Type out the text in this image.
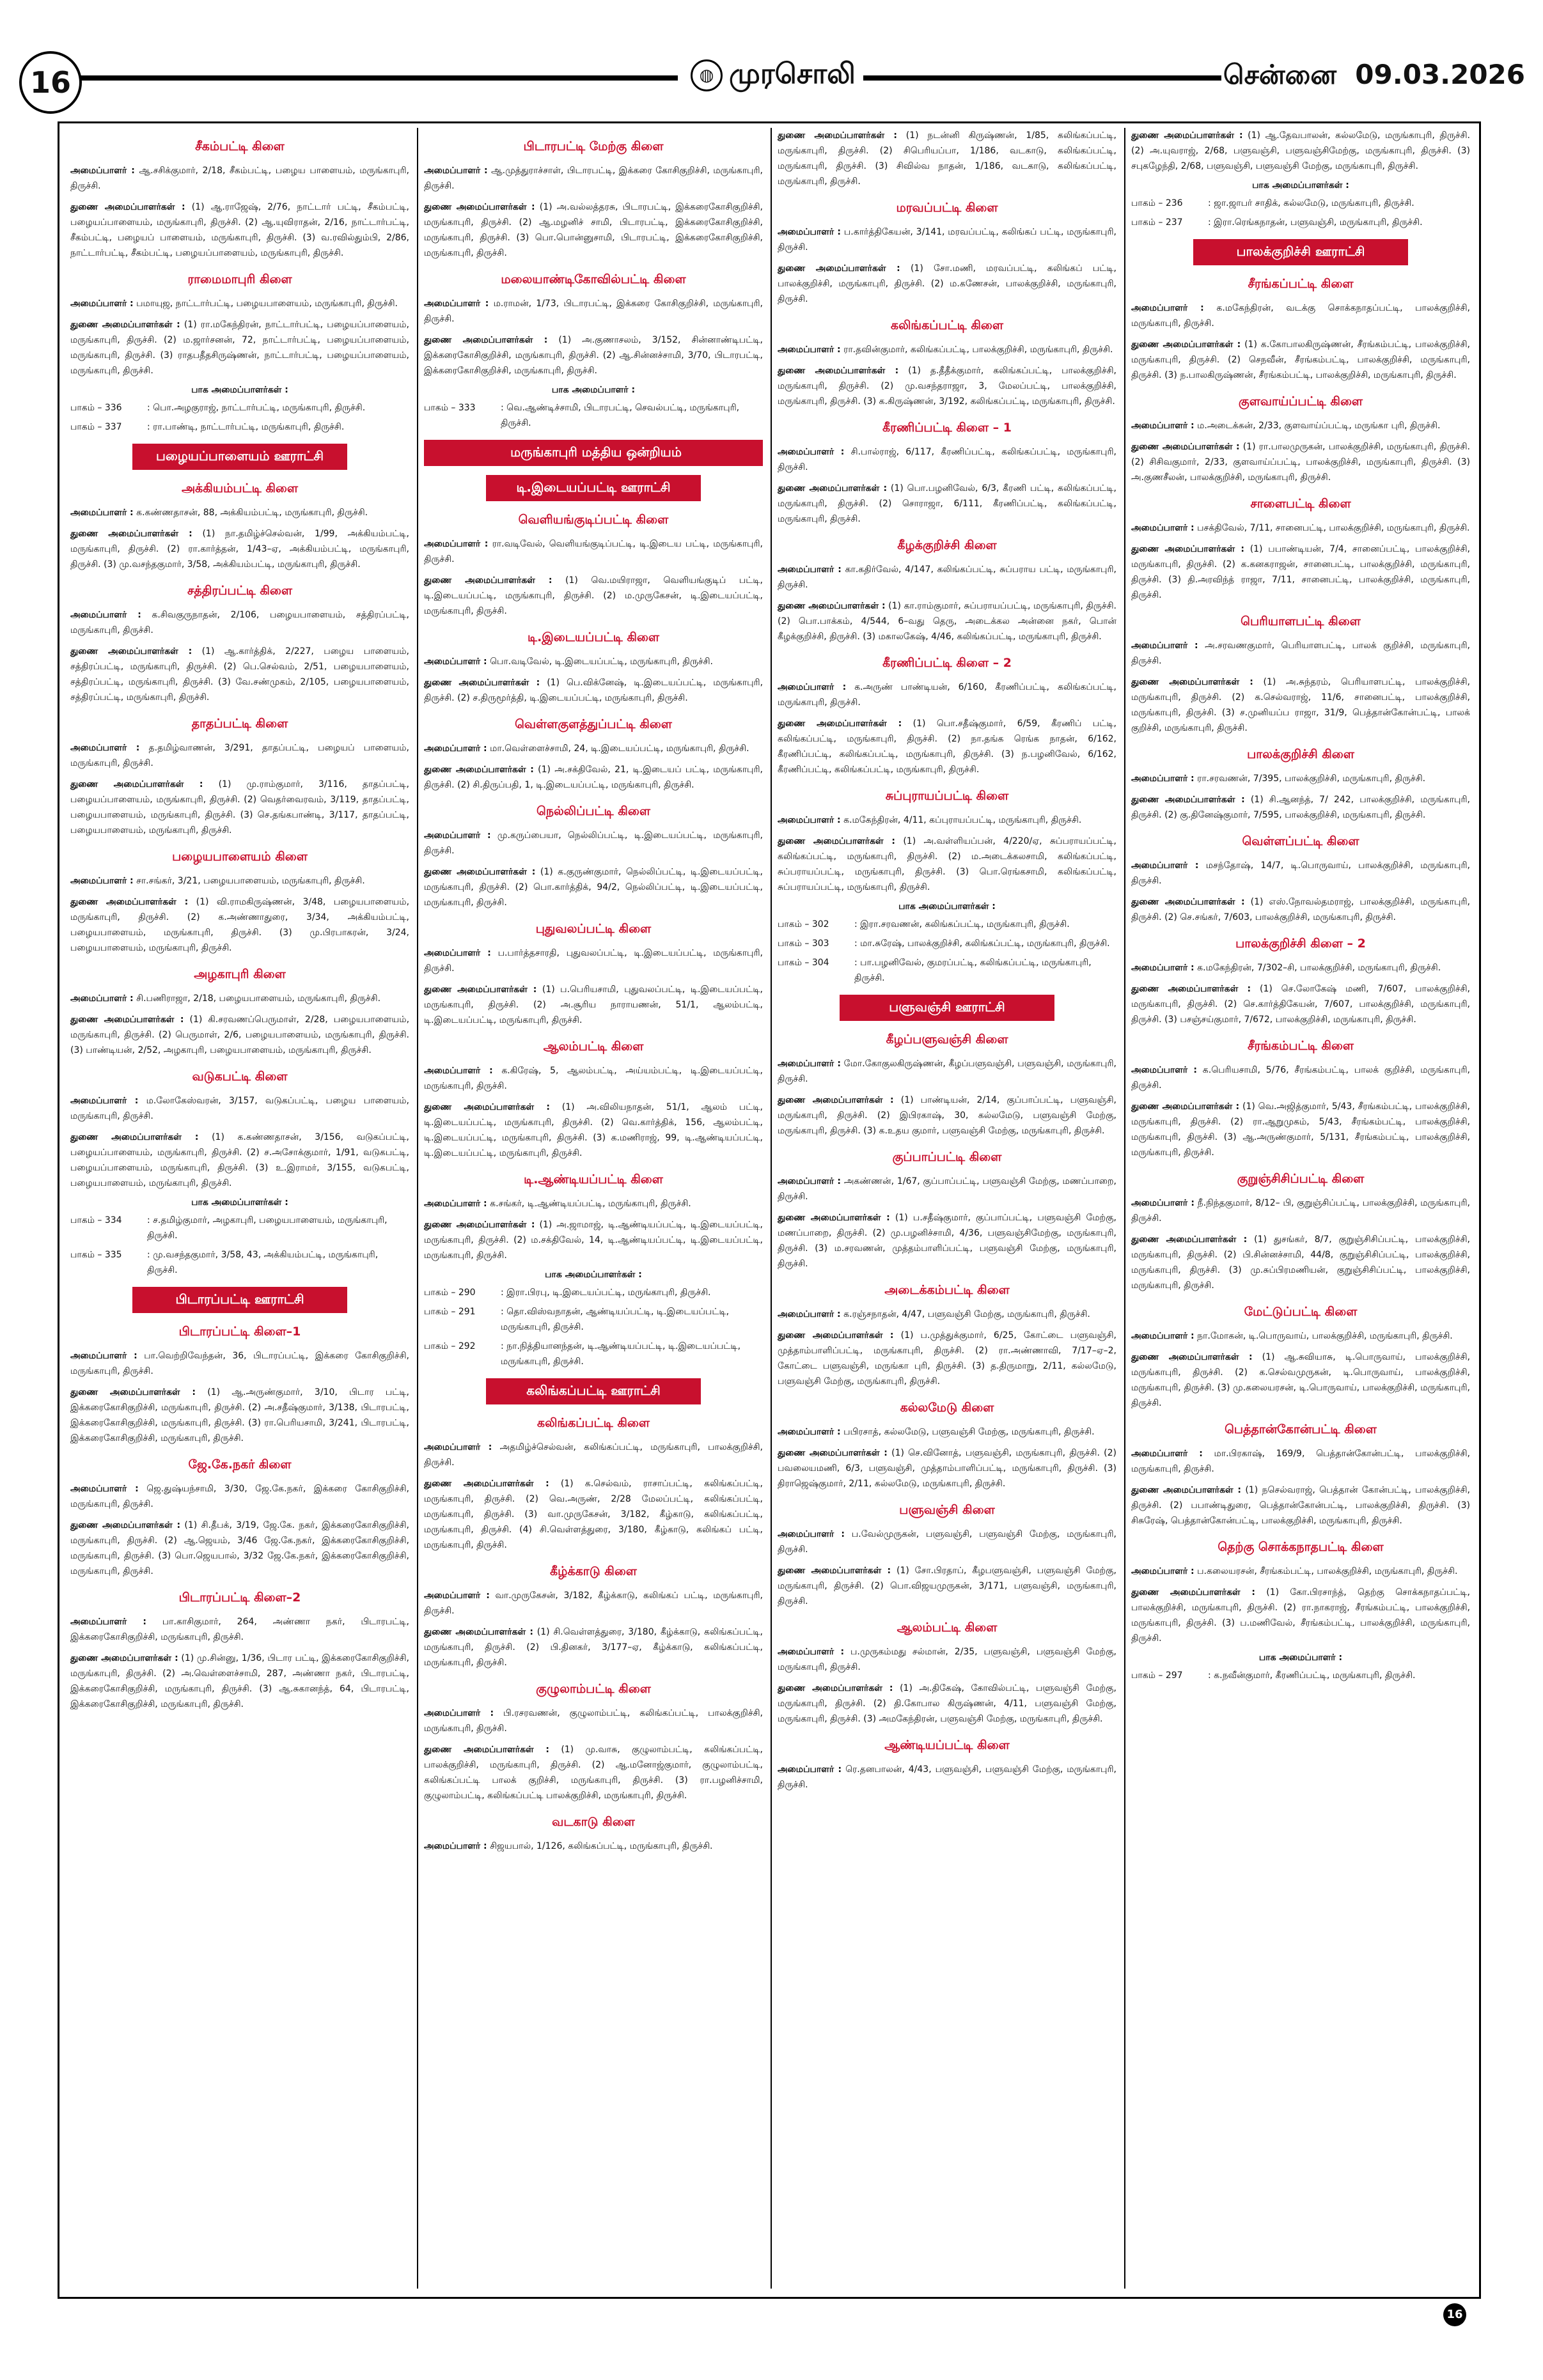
16	◍ முரசொலி	சென்னை 09.03.2026
சீகம்பட்டி கிளை

அமைப்பாளர் : ஆ.சசிக்குமார், 2/18, சீகம்பட்டி, பழைய பாளையம், மருங்காபுரி, திருச்சி.

துணை அமைப்பாளர்கள் : (1) ஆ.ராஜேஷ், 2/76, நாட்டார் பட்டி, சீகம்பட்டி, பழையப்பாளையம், மருங்காபுரி, திருச்சி. (2) ஆ.யுவிராதன், 2/16, நாட்டார்பட்டி, சீகம்பட்டி, பழையப் பாளையம், மருங்காபுரி, திருச்சி. (3) வ.ரவில்தும்பி, 2/86, நாட்டார்பட்டி, சீகம்பட்டி, பழையப்பாளையம், மருங்காபுரி, திருச்சி.

ராமைமாபுரி கிளை

அமைப்பாளர் : பமாயுஜ, நாட்டார்பட்டி, பழையபாளையம், மருங்காபுரி, திருச்சி.

துணை அமைப்பாளர்கள் : (1) ரா.மகேந்திரன், நாட்டார்பட்டி, பழையப்பாளையம், மருங்காபுரி, திருச்சி. (2) ம.ஜார்சனன், 72, நாட்டார்பட்டி, பழையப்பாளையம், மருங்காபுரி, திருச்சி. (3) ராதபதீதசிருஷ்ணன், நாட்டார்பட்டி, பழையப்பாளையம், மருங்காபுரி, திருச்சி.

பாக அமைப்பாளர்கள் :
பாகம் – 336	: பொ.அழகுராஜ், நாட்டார்பட்டி, மருங்காபுரி, திருச்சி.
பாகம் – 337	: ரா.பாண்டி, நாட்டார்பட்டி, மருங்காபுரி, திருச்சி.
பழையப்பாளையம் ஊராட்சி
அக்கியம்பட்டி கிளை

அமைப்பாளர் : க.கண்ணதாசன், 88, அக்கியம்பட்டி, மருங்காபுரி, திருச்சி.

துணை அமைப்பாளர்கள் : (1) நா.தமிழ்ச்செல்வன், 1/99, அக்கியம்பட்டி, மருங்காபுரி, திருச்சி. (2) ரா.கார்த்தன், 1/43–ஏ, அக்கியம்பட்டி, மருங்காபுரி, திருச்சி. (3) மு.வசந்தகுமார், 3/58, அக்கியம்பட்டி, மருங்காபுரி, திருச்சி.

சத்திரப்பட்டி கிளை

அமைப்பாளர் : க.சிவகுருநாதன், 2/106, பழையபாளையம், சத்திரப்பட்டி, மருங்காபுரி, திருச்சி.

துணை அமைப்பாளர்கள் : (1) ஆ.கார்த்திக், 2/227, பழைய பாளையம், சத்திரப்பட்டி, மருங்காபுரி, திருச்சி. (2) பெ.செல்வம், 2/51, பழையபாளையம், சத்திரப்பட்டி, மருங்காபுரி, திருச்சி. (3) வே.சண்முகம், 2/105, பழையபாளையம், சத்திரப்பட்டி, மருங்காபுரி, திருச்சி.

தாதப்பட்டி கிளை

அமைப்பாளர் : த.தமிழ்வாணன், 3/291, தாதப்பட்டி, பழையப் பாளையம், மருங்காபுரி, திருச்சி.

துணை அமைப்பாளர்கள் : (1) மு.ராம்குமார், 3/116, தாதப்பட்டி, பழையப்பாளையம், மருங்காபுரி, திருச்சி. (2) வெதர்வைரவம், 3/119, தாதப்பட்டி, பழையபாளையம், மருங்காபுரி, திருச்சி. (3) செ.தங்கபாண்டி, 3/117, தாதப்பட்டி, பழையபாளையம், மருங்காபுரி, திருச்சி.

பழையபாளையம் கிளை

அமைப்பாளர் : சா.சங்கர், 3/21, பழையபாளையம், மருங்காபுரி, திருச்சி.

துணை அமைப்பாளர்கள் : (1) வி.ராமகிருஷ்ணன், 3/48, பழையபாளையம், மருங்காபுரி, திருச்சி. (2) க.அண்ணாதுரை, 3/34, அக்கியம்பட்டி, பழையபாளையம், மருங்காபுரி, திருச்சி. (3) மு.பிரபாகரன், 3/24, பழையபாளையம், மருங்காபுரி, திருச்சி.

அழகாபுரி கிளை

அமைப்பாளர் : சி.பணிராஜா, 2/18, பழையபாளையம், மருங்காபுரி, திருச்சி.

துணை அமைப்பாளர்கள் : (1) கி.சரவணப்பெருமாள், 2/28, பழையபாளையம், மருங்காபுரி, திருச்சி. (2) பெருமாள், 2/6, பழையபாளையம், மருங்காபுரி, திருச்சி. (3) பாண்டியன், 2/52, அழகாபுரி, பழையபாளையம், மருங்காபுரி, திருச்சி.

வடுகபட்டி கிளை

அமைப்பாளர் : ம.லோகேஸ்வரன், 3/157, வடுகப்பட்டி, பழைய பாளையம், மருங்காபுரி, திருச்சி.

துணை அமைப்பாளர்கள் : (1) க.கண்ணதாசன், 3/156, வடுகப்பட்டி, பழையப்பாளையம், மருங்காபுரி, திருச்சி. (2) ச.அசோக்குமார், 1/91, வடுகபட்டி, பழையப்பாளையம், மருங்காபுரி, திருச்சி. (3) உ.இராமர், 3/155, வடுகபட்டி, பழையபாளையம், மருங்காபுரி, திருச்சி.

பாக அமைப்பாளர்கள் :
பாகம் – 334	: ச.தமிழ்குமார், அழகாபுரி, பழையபாளையம், மருங்காபுரி, திருச்சி.
பாகம் – 335	: மு.வசந்தகுமார், 3/58, 43, அக்கியம்பட்டி, மருங்காபுரி, திருச்சி.
பிடாரப்பட்டி ஊராட்சி
பிடாரப்பட்டி கிளை–1

அமைப்பாளர் : பா.வெற்றிவேந்தன், 36, பிடாரப்பட்டி, இக்கரை கோசிகுறிச்சி, மருங்காபுரி, திருச்சி.

துணை அமைப்பாளர்கள் : (1) ஆ.அருண்குமார், 3/10, பிடார பட்டி, இக்கரைகோசிகுறிச்சி, மருங்காபுரி, திருச்சி. (2) அ.சதீஷ்குமார், 3/138, பிடாரபட்டி, இக்கரைகோசிகுறிச்சி, மருங்காபுரி, திருச்சி. (3) ரா.பெரியசாமி, 3/241, பிடாரபட்டி, இக்கரைகோசிகுறிச்சி, மருங்காபுரி, திருச்சி.

ஜே.கே.நகர் கிளை

அமைப்பாளர் : ஜெ.துஷ்யந்சாமி, 3/30, ஜே.கே.நகர், இக்கரை கோசிகுறிச்சி, மருங்காபுரி, திருச்சி.

துணை அமைப்பாளர்கள் : (1) சி.தீபக், 3/19, ஜே.கே. நகர், இக்கரைகோசிகுறிச்சி, மருங்காபுரி, திருச்சி. (2) ஆ.ஜெயம், 3/46 ஜே.கே.நகர், இக்கரைகோசிகுறிச்சி, மருங்காபுரி, திருச்சி. (3) பொ.ஜெயபால், 3/32 ஜே.கே.நகர், இக்கரைகோசிகுறிச்சி, மருங்காபுரி, திருச்சி.

பிடாரப்பட்டி கிளை–2

அமைப்பாளர் : பா.காசிகுமார், 264, அண்ணா நகர், பிடாரபட்டி, இக்கரைகோசிகுறிச்சி, மருங்காபுரி, திருச்சி.

துணை அமைப்பாளர்கள் : (1) மு.சின்னு, 1/36, பிடார பட்டி, இக்கரைகோசிகுறிச்சி, மருங்காபுரி, திருச்சி. (2) அ.வெள்ளைச்சாமி, 287, அண்ணா நகர், பிடாரபட்டி, இக்கரைகோசிகுறிச்சி, மருங்காபுரி, திருச்சி. (3) ஆ.சுகானந்த், 64, பிடாரபட்டி, இக்கரைகோசிகுறிச்சி, மருங்காபுரி, திருச்சி.

பிடாரபட்டி மேற்கு கிளை

அமைப்பாளர் : ஆ.முத்துராச்சாள், பிடாரபட்டி, இக்கரை கோசிகுறிச்சி, மருங்காபுரி, திருச்சி.

துணை அமைப்பாளர்கள் : (1) அ.வல்லத்தரசு, பிடாரபட்டி, இக்கரைகோசிகுறிச்சி, மருங்காபுரி, திருச்சி. (2) ஆ.மழனிச் சாமி, பிடாரபட்டி, இக்கரைகோசிகுறிச்சி, மருங்காபுரி, திருச்சி. (3) பொ.பொன்னுசாமி, பிடாரபட்டி, இக்கரைகோசிகுறிச்சி, மருங்காபுரி, திருச்சி.

மலையாண்டிகோவில்பட்டி கிளை

அமைப்பாளர் : ம.ராமன், 1/73, பிடாரபட்டி, இக்கரை கோசிகுறிச்சி, மருங்காபுரி, திருச்சி.

துணை அமைப்பாளர்கள் : (1) அ.குணாசலம், 3/152, சின்னாண்டிபட்டி, இக்கரைகோசிகுறிச்சி, மருங்காபுரி, திருச்சி. (2) ஆ.சின்னச்சாமி, 3/70, பிடாரபட்டி, இக்கரைகோசிகுறிச்சி, மருங்காபுரி, திருச்சி.

பாக அமைப்பாளர் :
பாகம் – 333	: வெ.ஆண்டிச்சாமி, பிடாரபட்டி, செவல்பட்டி, மருங்காபுரி, திருச்சி.
மருங்காபுரி மத்திய ஒன்றியம்
டி.இடையப்பட்டி ஊராட்சி
வெளியங்குடிப்பட்டி கிளை

அமைப்பாளர் : ரா.வடிவேல், வெளியங்குடிப்பட்டி, டி.இடைய பட்டி, மருங்காபுரி, திருச்சி.

துணை அமைப்பாளர்கள் : (1) வெ.மயிராஜா, வெளியங்குடிப் பட்டி, டி.இடையப்பட்டி, மருங்காபுரி, திருச்சி. (2) ம.முருகேசன், டி.இடையப்பட்டி, மருங்காபுரி, திருச்சி.

டி.இடையப்பட்டி கிளை

அமைப்பாளர் : பொ.வடிவேல், டி.இடையப்பட்டி, மருங்காபுரி, திருச்சி.

துணை அமைப்பாளர்கள் : (1) பெ.விக்னேஷ், டி.இடையப்பட்டி, மருங்காபுரி, திருச்சி. (2) ச.திருமூர்த்தி, டி.இடையப்பட்டி, மருங்காபுரி, திருச்சி.

வெள்ளகுளத்துப்பட்டி கிளை

அமைப்பாளர் : மா.வெள்ளைச்சாமி, 24, டி.இடையப்பட்டி, மருங்காபுரி, திருச்சி.

துணை அமைப்பாளர்கள் : (1) அ.சக்திவேல், 21, டி.இடையப் பட்டி, மருங்காபுரி, திருச்சி. (2) சி.திருப்பதி, 1, டி.இடையப்பட்டி, மருங்காபுரி, திருச்சி.

நெல்லிப்பட்டி கிளை

அமைப்பாளர் : மு.கருப்பையா, நெல்லிப்பட்டி, டி.இடையப்பட்டி, மருங்காபுரி, திருச்சி.

துணை அமைப்பாளர்கள் : (1) க.குருண்குமார், நெல்லிப்பட்டி, டி.இடையப்பட்டி, மருங்காபுரி, திருச்சி. (2) பொ.கார்த்திக், 94/2, நெல்லிப்பட்டி, டி.இடையப்பட்டி, மருங்காபுரி, திருச்சி.

புதுவலப்பட்டி கிளை

அமைப்பாளர் : ப.பார்த்தசாரதி, புதுவலப்பட்டி, டி.இடையப்பட்டி, மருங்காபுரி, திருச்சி.

துணை அமைப்பாளர்கள் : (1) ப.பெரியசாமி, புதுவலப்பட்டி, டி.இடையப்பட்டி, மருங்காபுரி, திருச்சி. (2) அ.சூரிய நாராயணன், 51/1, ஆலம்பட்டி, டி.இடையப்பட்டி, மருங்காபுரி, திருச்சி.

ஆலம்பட்டி கிளை

அமைப்பாளர் : க.கிரேஷ், 5, ஆலம்பட்டி, அய்யம்பட்டி, டி.இடையப்பட்டி, மருங்காபுரி, திருச்சி.

துணை அமைப்பாளர்கள் : (1) அ.விலியநாதன், 51/1, ஆலம் பட்டி, டி.இடையப்பட்டி, மருங்காபுரி, திருச்சி. (2) வெ.கார்த்திக், 156, ஆலம்பட்டி, டி.இடையப்பட்டி, மருங்காபுரி, திருச்சி. (3) க.மணிராஜ், 99, டி.ஆண்டியப்பட்டி, டி.இடையப்பட்டி, மருங்காபுரி, திருச்சி.

டி.ஆண்டியப்பட்டி கிளை

அமைப்பாளர் : க.சங்கர், டி.ஆண்டியப்பட்டி, மருங்காபுரி, திருச்சி.

துணை அமைப்பாளர்கள் : (1) அ.ஜாமாஜ், டி.ஆண்டியப்பட்டி, டி.இடையப்பட்டி, மருங்காபுரி, திருச்சி. (2) ம.சக்திவேல், 14, டி.ஆண்டியப்பட்டி, டி.இடையப்பட்டி, மருங்காபுரி, திருச்சி.

பாக அமைப்பாளர்கள் :
பாகம் – 290	: இரா.பிரபு, டி.இடையப்பட்டி, மருங்காபுரி, திருச்சி.
பாகம் – 291	: தொ.விஸ்வநாதன், ஆண்டியப்பட்டி, டி.இடையப்பட்டி, மருங்காபுரி, திருச்சி.
பாகம் – 292	: நா.நித்தியானந்தன், டி.ஆண்டியப்பட்டி, டி.இடையப்பட்டி, மருங்காபுரி, திருச்சி.
கலிங்கப்பட்டி ஊராட்சி
கலிங்கப்பட்டி கிளை

அமைப்பாளர் : அதமிழ்ச்செல்வன், கலிங்கப்பட்டி, மருங்காபுரி, பாலக்குறிச்சி, திருச்சி.

துணை அமைப்பாளர்கள் : (1) க.செல்வம், ராசாப்பட்டி, கலிங்கப்பட்டி, மருங்காபுரி, திருச்சி. (2) வெ.அருண், 2/28 மேலப்பட்டி, கலிங்கப்பட்டி, மருங்காபுரி, திருச்சி. (3) வா.முருகேசன், 3/182, கீழ்காடு, கலிங்கப்பட்டி, மருங்காபுரி, திருச்சி. (4) சி.வெள்ளத்துரை, 3/180, கீழ்காடு, கலிங்கப் பட்டி, மருங்காபுரி, திருச்சி.

கீழ்க்காடு கிளை

அமைப்பாளர் : வா.முருகேசன், 3/182, கீழ்க்காடு, கலிங்கப் பட்டி, மருங்காபுரி, திருச்சி.

துணை அமைப்பாளர்கள் : (1) சி.வெள்ளத்துரை, 3/180, கீழ்க்காடு, கலிங்கப்பட்டி, மருங்காபுரி, திருச்சி. (2) பி.தினகர், 3/177–ஏ, கீழ்க்காடு, கலிங்கப்பட்டி, மருங்காபுரி, திருச்சி.

குழுலாம்பட்டி கிளை

அமைப்பாளர் : பி.ரசரவணன், குழுலாம்பட்டி, கலிங்கப்பட்டி, பாலக்குறிச்சி, மருங்காபுரி, திருச்சி.

துணை அமைப்பாளர்கள் : (1) மு.வாசு, குழுலாம்பட்டி, கலிங்கப்பட்டி, பாலக்குறிச்சி, மருங்காபுரி, திருச்சி. (2) ஆ.மனோஜ்குமார், குழுலாம்பட்டி, கலிங்கப்பட்டி பாலக் குறிச்சி, மருங்காபுரி, திருச்சி. (3) ரா.பழனிச்சாமி, குழுலாம்பட்டி, கலிங்கப்பட்டி பாலக்குறிச்சி, மருங்காபுரி, திருச்சி.

வடகாடு கிளை

அமைப்பாளர் : சிஜயபால், 1/126, கலிங்கப்பட்டி, மருங்காபுரி, திருச்சி.

துணை அமைப்பாளர்கள் : (1) நடன்னி கிருஷ்ணன், 1/85, கலிங்கப்பட்டி, மருங்காபுரி, திருச்சி. (2) சிபெரியப்பா, 1/186, வடகாடு, கலிங்கப்பட்டி, மருங்காபுரி, திருச்சி. (3) சிவில்வ நாதன், 1/186, வடகாடு, கலிங்கப்பட்டி, மருங்காபுரி, திருச்சி.

மரவப்பட்டி கிளை

அமைப்பாளர் : ப.கார்த்திகேயன், 3/141, மரவப்பட்டி, கலிங்கப் பட்டி, மருங்காபுரி, திருச்சி.

துணை அமைப்பாளர்கள் : (1) சோ.மணி, மரவப்பட்டி, கலிங்கப் பட்டி, பாலக்குறிச்சி, மருங்காபுரி, திருச்சி. (2) ம.கணேசன், பாலக்குறிச்சி, மருங்காபுரி, திருச்சி.

கலிங்கப்பட்டி கிளை

அமைப்பாளர் : ரா.தவின்குமார், கலிங்கப்பட்டி, பாலக்குறிச்சி, மருங்காபுரி, திருச்சி.

துணை அமைப்பாளர்கள் : (1) த.தீதீக்குமார், கலிங்கப்பட்டி, பாலக்குறிச்சி, மருங்காபுரி, திருச்சி. (2) மு.வசந்தராஜா, 3, மேலப்பட்டி, பாலக்குறிச்சி, மருங்காபுரி, திருச்சி. (3) க.கிருஷ்ணன், 3/192, கலிங்கப்பட்டி, மருங்காபுரி, திருச்சி.

கீரணிப்பட்டி கிளை – 1

அமைப்பாளர் : சி.பால்ராஜ், 6/117, கீரணிப்பட்டி, கலிங்கப்பட்டி, மருங்காபுரி, திருச்சி.

துணை அமைப்பாளர்கள் : (1) பொ.பழனிவேல், 6/3, கீரணி பட்டி, கலிங்கப்பட்டி, மருங்காபுரி, திருச்சி. (2) சொராஜா, 6/111, கீரணிப்பட்டி, கலிங்கப்பட்டி, மருங்காபுரி, திருச்சி.

கீழக்குறிச்சி கிளை

அமைப்பாளர் : கா.கதிர்வேல், 4/147, கலிங்கப்பட்டி, சுப்பராய பட்டி, மருங்காபுரி, திருச்சி.

துணை அமைப்பாளர்கள் : (1) கா.ராம்குமார், சுப்பராயப்பட்டி, மருங்காபுரி, திருச்சி. (2) பொ.பாக்கம், 4/544, 6–வது தெரு, அடைக்கல அன்னை நகர், பொன் கீழக்குறிச்சி, திருச்சி. (3) மகாலகேஷ், 4/46, கலிங்கப்பட்டி, மருங்காபுரி, திருச்சி.

கீரணிப்பட்டி கிளை – 2

அமைப்பாளர் : க.அருண் பாண்டியன், 6/160, கீரணிப்பட்டி, கலிங்கப்பட்டி, மருங்காபுரி, திருச்சி.

துணை அமைப்பாளர்கள் : (1) பொ.சதீஷ்குமார், 6/59, கீரணிப் பட்டி, கலிங்கப்பட்டி, மருங்காபுரி, திருச்சி. (2) நா.தங்க ரெங்க நாதன், 6/162, கீரணிப்பட்டி, கலிங்கப்பட்டி, மருங்காபுரி, திருச்சி. (3) ந.பழனிவேல், 6/162, கீரணிப்பட்டி, கலிங்கப்பட்டி, மருங்காபுரி, திருச்சி.

சுப்புராயப்பட்டி கிளை

அமைப்பாளர் : க.மகேந்திரன், 4/11, கப்புராயப்பட்டி, மருங்காபுரி, திருச்சி.

துணை அமைப்பாளர்கள் : (1) அ.வள்ளியப்பன், 4/220/ஏ, சுப்பராயப்பட்டி, கலிங்கப்பட்டி, மருங்காபுரி, திருச்சி. (2) ம.அடைக்கலசாமி, கலிங்கப்பட்டி, சுப்பராயப்பட்டி, மருங்காபுரி, திருச்சி. (3) பொ.ரெங்கசாமி, கலிங்கப்பட்டி, சுப்பராயப்பட்டி, மருங்காபுரி, திருச்சி.

பாக அமைப்பாளர்கள் :
பாகம் – 302	: இரா.சரவணன், கலிங்கப்பட்டி, மருங்காபுரி, திருச்சி.
பாகம் – 303	: மா.சுரேஷ், பாலக்குறிச்சி, கலிங்கப்பட்டி, மருங்காபுரி, திருச்சி.
பாகம் – 304	: பா.பழனிவேல், குமரப்பட்டி, கலிங்கப்பட்டி, மருங்காபுரி, திருச்சி.
பளுவஞ்சி ஊராட்சி
கீழப்பளுவஞ்சி கிளை

அமைப்பாளர் : மோ.கோகுலகிருஷ்ணன், கீழப்பளுவஞ்சி, பளுவஞ்சி, மருங்காபுரி, திருச்சி.

துணை அமைப்பாளர்கள் : (1) பாண்டியன், 2/14, குப்பாப்பட்டி, பளுவஞ்சி, மருங்காபுரி, திருச்சி. (2) இபிரகாஷ், 30, கல்லமேடு, பளுவஞ்சி மேற்கு, மருங்காபுரி, திருச்சி. (3) க.உதய குமார், பளுவஞ்சி மேற்கு, மருங்காபுரி, திருச்சி.

குப்பாப்பட்டி கிளை

அமைப்பாளர் : அகண்ணன், 1/67, குப்பாப்பட்டி, பளுவஞ்சி மேற்கு, மணப்பாறை, திருச்சி.

துணை அமைப்பாளர்கள் : (1) ப.சதீஷ்குமார், குப்பாப்பட்டி, பளுவஞ்சி மேற்கு, மணப்பாறை, திருச்சி. (2) மு.பழனிச்சாமி, 4/36, பளுவஞ்சிமேற்கு, மருங்காபுரி, திருச்சி. (3) ம.சரவணன், முத்தம்பாளிப்பட்டி, பளுவஞ்சி மேற்கு, மருங்காபுரி, திருச்சி.

அடைக்கம்பட்டி கிளை

அமைப்பாளர் : க.ரஞ்சநாதன், 4/47, பளுவஞ்சி மேற்கு, மருங்காபுரி, திருச்சி.

துணை அமைப்பாளர்கள் : (1) ப.முத்துக்குமார், 6/25, கோட்டை பளுவஞ்சி, முத்தாம்பாளிப்பட்டி, மருங்காபுரி, திருச்சி. (2) ரா.அண்ணாவி, 7/17–ஏ–2, கோட்டை பளுவஞ்சி, மருங்கா புரி, திருச்சி. (3) த.திருமாறு, 2/11, கல்லமேடு, பளுவஞ்சி மேற்கு, மருங்காபுரி, திருச்சி.

கல்லமேடு கிளை

அமைப்பாளர் : பபிரசாத், கல்லமேடு, பளுவஞ்சி மேற்கு, மருங்காபுரி, திருச்சி.

துணை அமைப்பாளர்கள் : (1) செ.வினோத், பளுவஞ்சி, மருங்காபுரி, திருச்சி. (2) பவலையமணி, 6/3, பளுவஞ்சி, முத்தாம்பாளிப்பட்டி, மருங்காபுரி, திருச்சி. (3) திராஜெஷ்குமார், 2/11, கல்லமேடு, மருங்காபுரி, திருச்சி.

பளுவஞ்சி கிளை

அமைப்பாளர் : ப.வேல்முருகன், பளுவஞ்சி, பளுவஞ்சி மேற்கு, மருங்காபுரி, திருச்சி.

துணை அமைப்பாளர்கள் : (1) சோ.பிரதாப், கீழபளுவஞ்சி, பளுவஞ்சி மேற்கு, மருங்காபுரி, திருச்சி. (2) பொ.விஜயமுருகன், 3/171, பளுவஞ்சி, மருங்காபுரி, திருச்சி.

ஆலம்பட்டி கிளை

அமைப்பாளர் : ப.முருகம்மது சல்மான், 2/35, பளுவஞ்சி, பளுவஞ்சி மேற்கு, மருங்காபுரி, திருச்சி.

துணை அமைப்பாளர்கள் : (1) அ.திகேஷ், கோவில்பட்டி, பளுவஞ்சி மேற்கு, மருங்காபுரி, திருச்சி. (2) தி.கோபால கிருஷ்ணன், 4/11, பளுவஞ்சி மேற்கு, மருங்காபுரி, திருச்சி. (3) அமகேந்திரன், பளுவஞ்சி மேற்கு, மருங்காபுரி, திருச்சி.

ஆண்டியப்பட்டி கிளை

அமைப்பாளர் : ரெ.தனபாலன், 4/43, பளுவஞ்சி, பளுவஞ்சி மேற்கு, மருங்காபுரி, திருச்சி.

துணை அமைப்பாளர்கள் : (1) ஆ.தேவபாலன், கல்லமேடு, மருங்காபுரி, திருச்சி. (2) அ.யுவராஜ், 2/68, பளுவஞ்சி, பளுவஞ்சிமேற்கு, மருங்காபுரி, திருச்சி. (3) சபுகழேந்தி, 2/68, பளுவஞ்சி, பளுவஞ்சி மேற்கு, மருங்காபுரி, திருச்சி.

பாக அமைப்பாளர்கள் :
பாகம் – 236	: ஜா.ஜாபர் சாதிக், கல்லமேடு, மருங்காபுரி, திருச்சி.
பாகம் – 237	: இரா.ரெங்கநாதன், பளுவஞ்சி, மருங்காபுரி, திருச்சி.
பாலக்குறிச்சி ஊராட்சி
சீரங்கப்பட்டி கிளை

அமைப்பாளர் : க.மகேந்திரன், வடக்கு சொக்கநாதப்பட்டி, பாலக்குறிச்சி, மருங்காபுரி, திருச்சி.

துணை அமைப்பாளர்கள் : (1) க.கோபாலகிருஷ்ணன், சீரங்கம்பட்டி, பாலக்குறிச்சி, மருங்காபுரி, திருச்சி. (2) செநவீன், சீரங்கம்பட்டி, பாலக்குறிச்சி, மருங்காபுரி, திருச்சி. (3) ந.பாலகிருஷ்ணன், சீரங்கம்பட்டி, பாலக்குறிச்சி, மருங்காபுரி, திருச்சி.

குளவாய்ப்பட்டி கிளை

அமைப்பாளர் : ம.அடைக்கன், 2/33, குளவாய்ப்பட்டி, மருங்கா புரி, திருச்சி.

துணை அமைப்பாளர்கள் : (1) ரா.பாலமுருகன், பாலக்குறிச்சி, மருங்காபுரி, திருச்சி. (2) சிசிவகுமார், 2/33, குளவாய்ப்பட்டி, பாலக்குறிச்சி, மருங்காபுரி, திருச்சி. (3) அ.குணசீலன், பாலக்குறிச்சி, மருங்காபுரி, திருச்சி.

சாளைபட்டி கிளை

அமைப்பாளர் : பசக்திவேல், 7/11, சானைபட்டி, பாலக்குறிச்சி, மருங்காபுரி, திருச்சி.

துணை அமைப்பாளர்கள் : (1) பபாண்டியன், 7/4, சானைப்பட்டி, பாலக்குறிச்சி, மருங்காபுரி, திருச்சி. (2) க.கனகராஜன், சானைபட்டி, பாலக்குறிச்சி, மருங்காபுரி, திருச்சி. (3) தி.அரவிந்த் ராஜா, 7/11, சானைபட்டி, பாலக்குறிச்சி, மருங்காபுரி, திருச்சி.

பெரியாளபட்டி கிளை

அமைப்பாளர் : அ.சரவணகுமார், பெரியாளபட்டி, பாலக் குறிச்சி, மருங்காபுரி, திருச்சி.

துணை அமைப்பாளர்கள் : (1) அ.சுந்தரம், பெரியாளபட்டி, பாலக்குறிச்சி, மருங்காபுரி, திருச்சி. (2) க.செல்வராஜ், 11/6, சானைபட்டி, பாலக்குறிச்சி, மருங்காபுரி, திருச்சி. (3) ச.முனியப்ப ராஜா, 31/9, பெத்தான்கோன்பட்டி, பாலக் குறிச்சி, மருங்காபுரி, திருச்சி.

பாலக்குறிச்சி கிளை

அமைப்பாளர் : ரா.சரவணன், 7/395, பாலக்குறிச்சி, மருங்காபுரி, திருச்சி.

துணை அமைப்பாளர்கள் : (1) சி.ஆனந்த், 7/ 242, பாலக்குறிச்சி, மருங்காபுரி, திருச்சி. (2) கு.தினேஷ்குமார், 7/595, பாலக்குறிச்சி, மருங்காபுரி, திருச்சி.

வெள்ளப்பட்டி கிளை

அமைப்பாளர் : மசந்தோஷ், 14/7, டி.பொருவாய், பாலக்குறிச்சி, மருங்காபுரி, திருச்சி.

துணை அமைப்பாளர்கள் : (1) எஸ்.நோவல்தமராஜ், பாலக்குறிச்சி, மருங்காபுரி, திருச்சி. (2) செ.சங்கர், 7/603, பாலக்குறிச்சி, மருங்காபுரி, திருச்சி.

பாலக்குறிச்சி கிளை – 2

அமைப்பாளர் : க.மகேந்திரன், 7/302–சி, பாலக்குறிச்சி, மருங்காபுரி, திருச்சி.

துணை அமைப்பாளர்கள் : (1) செ.லோகேஷ் மணி, 7/607, பாலக்குறிச்சி, மருங்காபுரி, திருச்சி. (2) செ.கார்த்திகேயன், 7/607, பாலக்குறிச்சி, மருங்காபுரி, திருச்சி. (3) பசஞ்சய்குமார், 7/672, பாலக்குறிச்சி, மருங்காபுரி, திருச்சி.

சீரங்கம்பட்டி கிளை

அமைப்பாளர் : க.பெரியசாமி, 5/76, சீரங்கம்பட்டி, பாலக் குறிச்சி, மருங்காபுரி, திருச்சி.

துணை அமைப்பாளர்கள் : (1) வெ.அஜித்குமார், 5/43, சீரங்கம்பட்டி, பாலக்குறிச்சி, மருங்காபுரி, திருச்சி. (2) ரா.ஆறுமுகம், 5/43, சீரங்கம்பட்டி, பாலக்குறிச்சி, மருங்காபுரி, திருச்சி. (3) ஆ.அருண்குமார், 5/131, சீரங்கம்பட்டி, பாலக்குறிச்சி, மருங்காபுரி, திருச்சி.

குறுஞ்சிசிப்பட்டி கிளை

அமைப்பாளர் : நீ.நிந்தகுமார், 8/12– பி, குறுஞ்சிப்பட்டி, பாலக்குறிச்சி, மருங்காபுரி, திருச்சி.

துணை அமைப்பாளர்கள் : (1) துசங்கர், 8/7, குறுஞ்சிசிப்பட்டி, பாலக்குறிச்சி, மருங்காபுரி, திருச்சி. (2) பி.சின்னச்சாமி, 44/8, குறுஞ்சிசிப்பட்டி, பாலக்குறிச்சி, மருங்காபுரி, திருச்சி. (3) மு.சுப்பிரமணியன், குறுஞ்சிசிப்பட்டி, பாலக்குறிச்சி, மருங்காபுரி, திருச்சி.

மேட்டுப்பட்டி கிளை

அமைப்பாளர் : நா.மோகன், டி.பொருவாய், பாலக்குறிச்சி, மருங்காபுரி, திருச்சி.

துணை அமைப்பாளர்கள் : (1) ஆ.சுவியாசு, டி.பொருவாய், பாலக்குறிச்சி, மருங்காபுரி, திருச்சி. (2) க.செல்வமுருகன், டி.பொருவாய், பாலக்குறிச்சி, மருங்காபுரி, திருச்சி. (3) மு.கலையரசன், டி.பொருவாய், பாலக்குறிச்சி, மருங்காபுரி, திருச்சி.

பெத்தான்கோன்பட்டி கிளை

அமைப்பாளர் : மா.பிரகாஷ், 169/9, பெத்தான்கோன்பட்டி, பாலக்குறிச்சி, மருங்காபுரி, திருச்சி.

துணை அமைப்பாளர்கள் : (1) நசெல்வராஜ், பெத்தான் கோன்பட்டி, பாலக்குறிச்சி, திருச்சி. (2) பபாண்டிதுரை, பெத்தான்கோன்பட்டி, பாலக்குறிச்சி, திருச்சி. (3) சிசுரேஷ், பெத்தான்கோன்பட்டி, பாலக்குறிச்சி, மருங்காபுரி, திருச்சி.

தெற்கு சொக்கநாதபட்டி கிளை

அமைப்பாளர் : ப.கலையரசன், சீரங்கம்பட்டி, பாலக்குறிச்சி, மருங்காபுரி, திருச்சி.

துணை அமைப்பாளர்கள் : (1) கோ.பிரசாந்த், தெற்கு சொக்கநாதப்பட்டி, பாலக்குறிச்சி, மருங்காபுரி, திருச்சி. (2) ரா.நாகராஜ், சீரங்கம்பட்டி, பாலக்குறிச்சி, மருங்காபுரி, திருச்சி. (3) ப.மணிவேல், சீரங்கம்பட்டி, பாலக்குறிச்சி, மருங்காபுரி, திருச்சி.

பாக அமைப்பாளர் :
பாகம் – 297	: க.நவீன்குமார், கீரணிப்பட்டி, மருங்காபுரி, திருச்சி.
16
